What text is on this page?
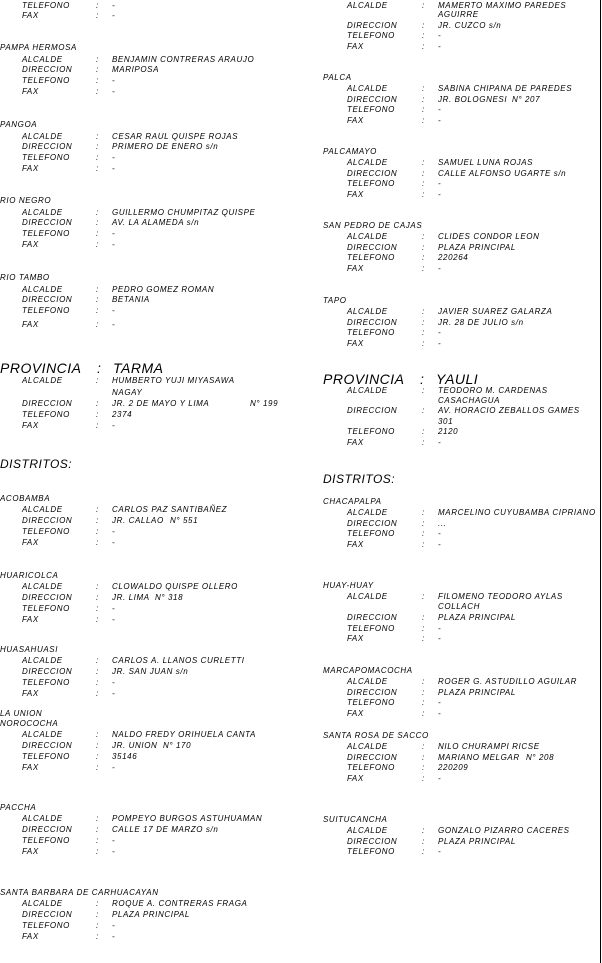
TELEFONO	: -
FAX	: -
PAMPA HERMOSA
ALCALDE	: BENJAMIN CONTRERAS ARAUJO
DIRECCION	: MARIPOSA
TELEFONO	: -
FAX	: -
PANGOA
ALCALDE	: CESAR RAUL QUISPE ROJAS
DIRECCION	: PRIMERO DE ENERO s/n
TELEFONO	: -
FAX	: -
RIO NEGRO
ALCALDE	: GUILLERMO CHUMPITAZ QUISPE
DIRECCION	: AV. LA ALAMEDA s/n
TELEFONO	: -
FAX	: -
RIO TAMBO
ALCALDE	: PEDRO GOMEZ ROMAN
DIRECCION	: BETANIA
TELEFONO	: -
FAX	: -
PROVINCIA : TARMA
ALCALDE	: HUMBERTO YUJI MIYASAWA
NAGAY
DIRECCION	: JR. 2 DE MAYO Y LIMA	N° 199
TELEFONO	: 2374
FAX	: -
DISTRITOS:
ACOBAMBA
ALCALDE	: CARLOS PAZ SANTIBAÑEZ
DIRECCION	: JR. CALLAO N° 551
TELEFONO	: -
FAX	: -
HUARICOLCA
ALCALDE	: CLOWALDO QUISPE OLLERO
DIRECCION	: JR. LIMA N° 318
TELEFONO	: -
FAX	: -
HUASAHUASI
ALCALDE	: CARLOS A. LLANOS CURLETTI
DIRECCION	: JR. SAN JUAN s/n
TELEFONO	: -
FAX	: -
LA UNION
NOROCOCHA
ALCALDE	: NALDO FREDY ORIHUELA CANTA
DIRECCION	: JR. UNION N° 170
TELEFONO	: 35146
FAX	: -
PACCHA
ALCALDE	: POMPEYO BURGOS ASTUHUAMAN
DIRECCION	: CALLE 17 DE MARZO s/n
TELEFONO	: -
FAX	: -
SANTA BARBARA DE CARHUACAYAN
ALCALDE	: ROQUE A. CONTRERAS FRAGA
DIRECCION	: PLAZA PRINCIPAL
TELEFONO	: -
FAX	: -
ALCALDE	: MAMERTO MAXIMO PAREDES
AGUIRRE
DIRECCION	: JR. CUZCO s/n
TELEFONO	: -
FAX	: -
PALCA
ALCALDE	: SABINA CHIPANA DE PAREDES
DIRECCION	: JR. BOLOGNESI N° 207
TELEFONO	: -
FAX	: -
PALCAMAYO
ALCALDE	: SAMUEL LUNA ROJAS
DIRECCION	: CALLE ALFONSO UGARTE s/n
TELEFONO	: -
FAX	: -
SAN PEDRO DE CAJAS
ALCALDE	: CLIDES CONDOR LEON
DIRECCION	: PLAZA PRINCIPAL
TELEFONO	: 220264
FAX	: -
TAPO
ALCALDE	: JAVIER SUAREZ GALARZA
DIRECCION	: JR. 28 DE JULIO s/n
TELEFONO	: -
FAX	: -
PROVINCIA : YAULI
ALCALDE	: TEODORO M. CARDENAS
CASACHAGUA
DIRECCION	: AV. HORACIO ZEBALLOS GAMES
301
TELEFONO	: 2120
FAX	: -
DISTRITOS:
CHACAPALPA
ALCALDE	: MARCELINO CUYUBAMBA CIPRIANO
DIRECCION	: ...
TELEFONO	: -
FAX	: -
HUAY-HUAY
ALCALDE	: FILOMENO TEODORO AYLAS
COLLACH
DIRECCION	: PLAZA PRINCIPAL
TELEFONO	: -
FAX	: -
MARCAPOMACOCHA
ALCALDE	: ROGER G. ASTUDILLO AGUILAR
DIRECCION	: PLAZA PRINCIPAL
TELEFONO	: -
FAX	: -
SANTA ROSA DE SACCO
ALCALDE	: NILO CHURAMPI RICSE
DIRECCION	: MARIANO MELGAR N° 208
TELEFONO	: 220209
FAX	: -
SUITUCANCHA
ALCALDE	: GONZALO PIZARRO CACERES
DIRECCION	: PLAZA PRINCIPAL
TELEFONO	: -
